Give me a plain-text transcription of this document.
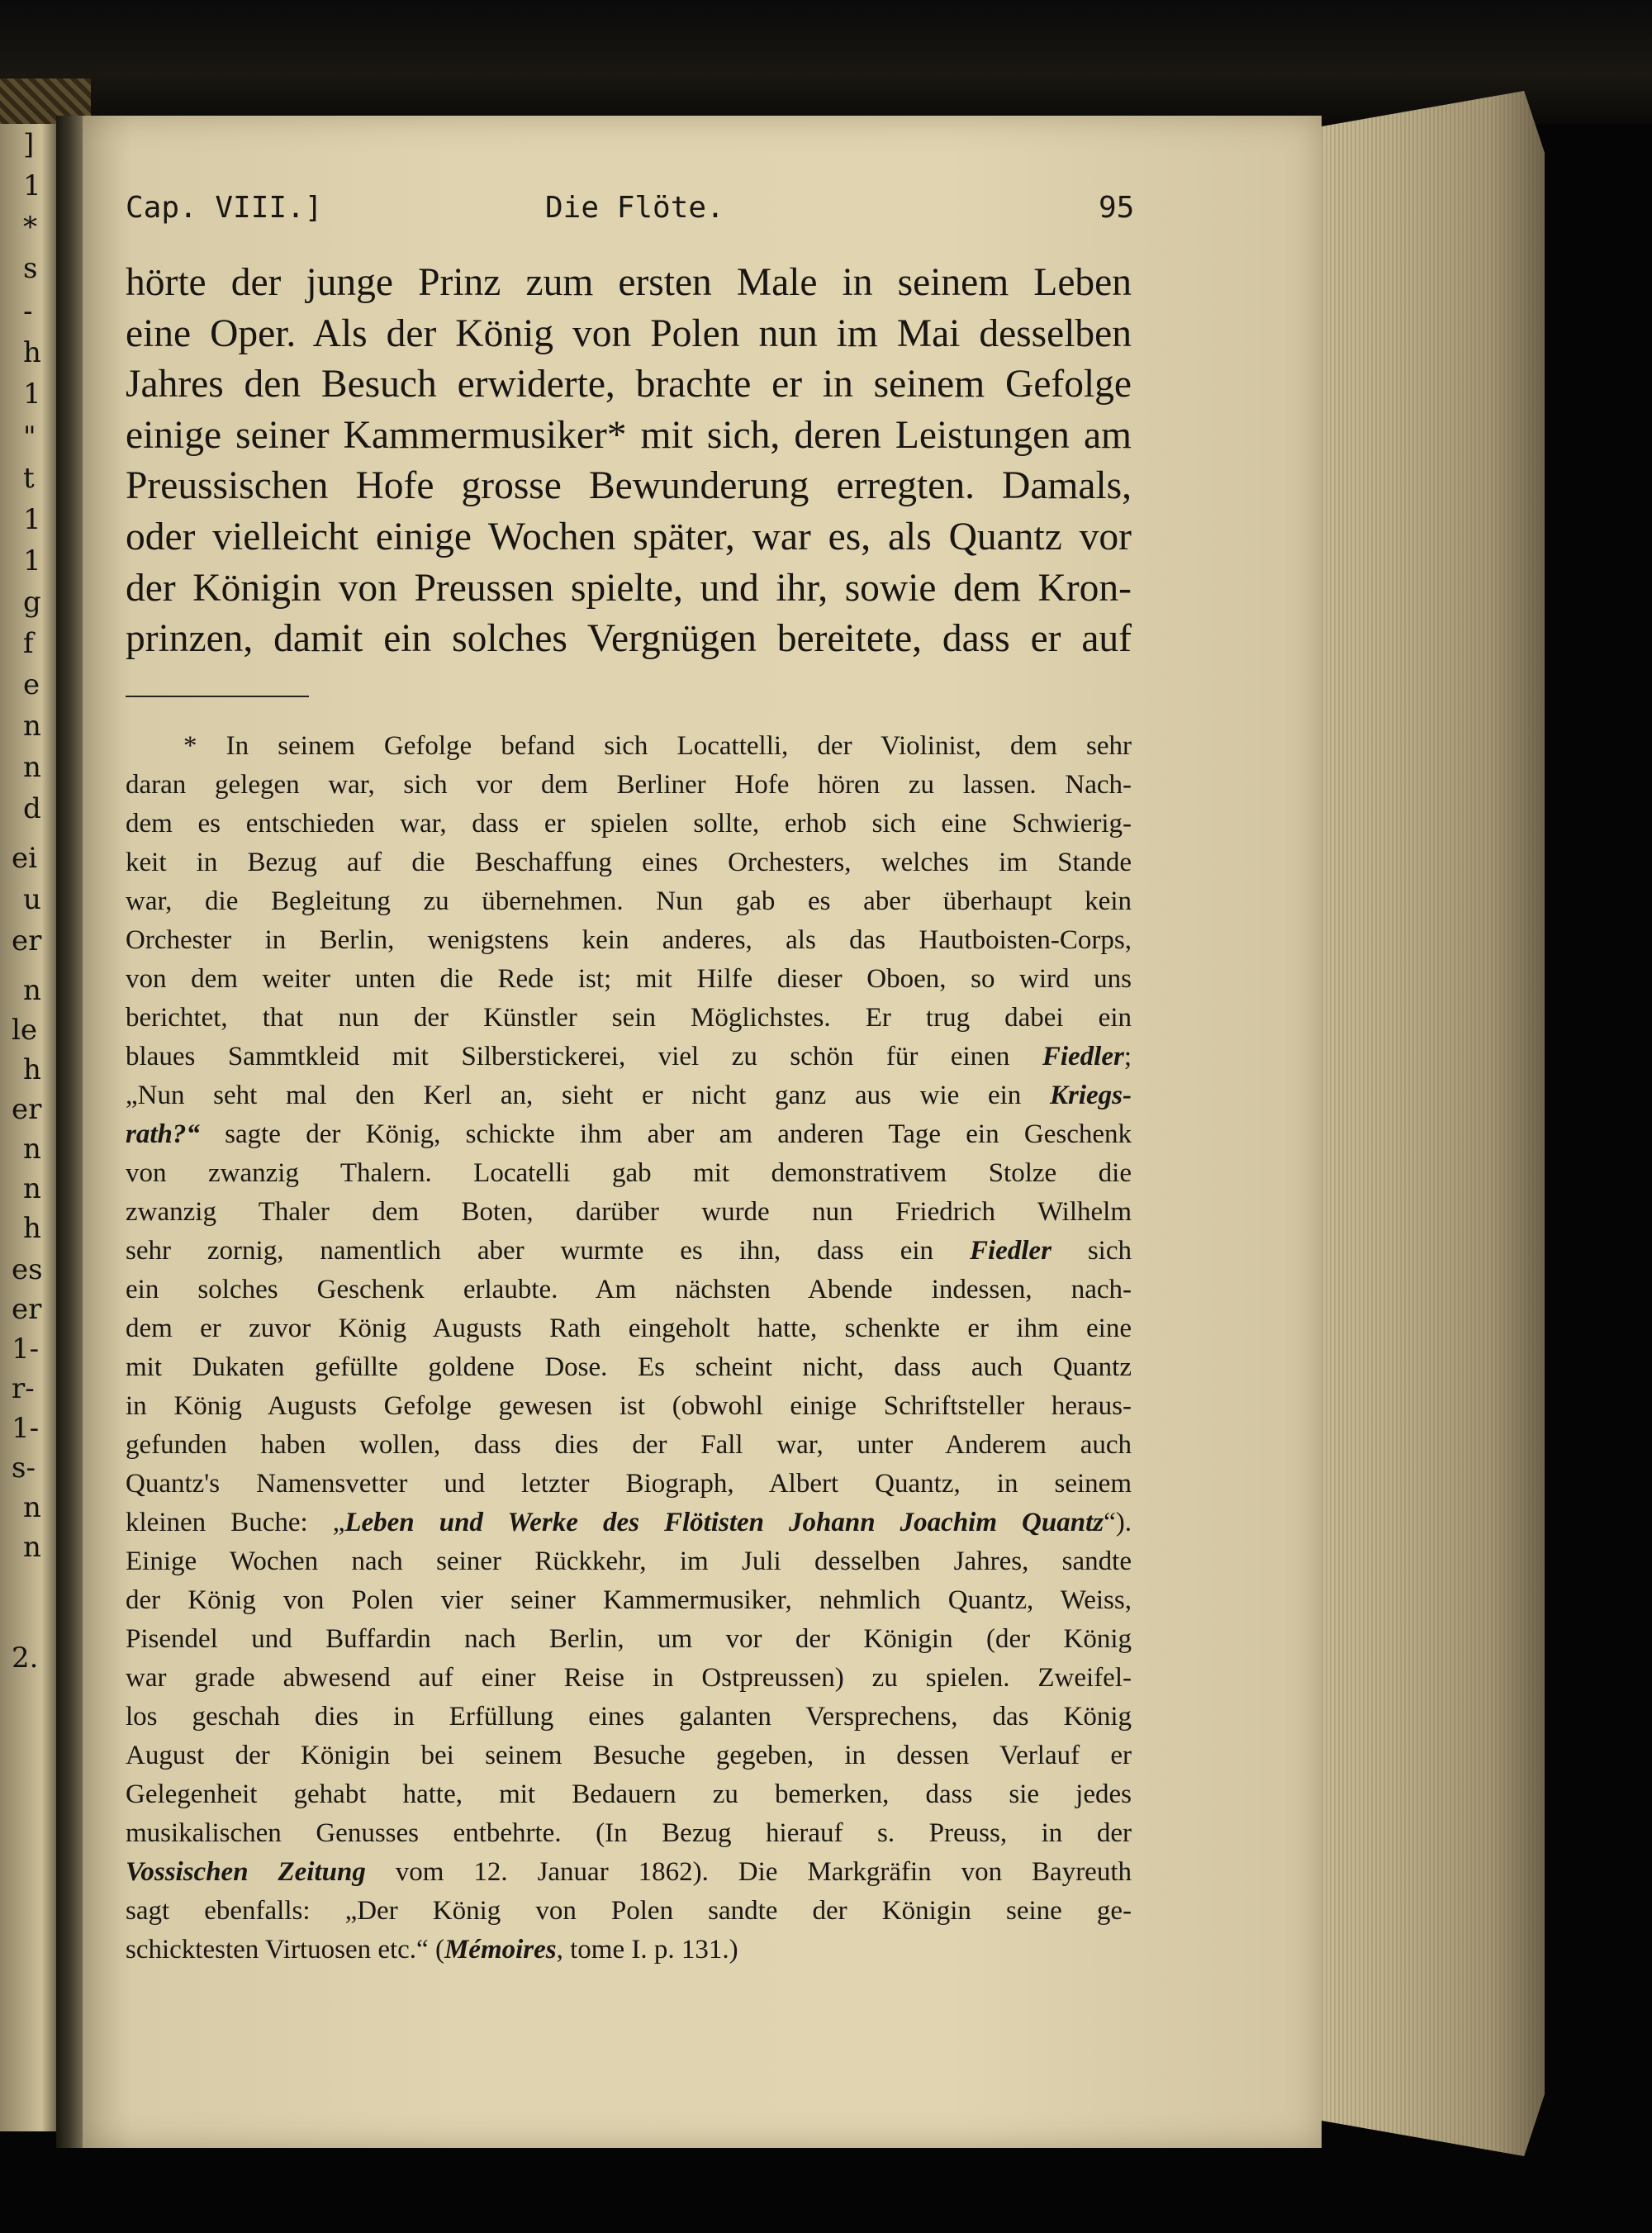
]
1
*
s
-
h
1
"
t
1
1
g
f
e
n
n
d
ei
u
er
n
le
h
er
n
n
h
es
er
1-
r-
1-
s-
n
n
2.
Cap. VIII.]	Die Flöte.	95
hörte der junge Prinz zum ersten Male in seinem Leben
eine Oper. Als der König von Polen nun im Mai desselben
Jahres den Besuch erwiderte, brachte er in seinem Gefolge
einige seiner Kammermusiker* mit sich, deren Leistungen am
Preussischen Hofe grosse Bewunderung erregten. Damals,
oder vielleicht einige Wochen später, war es, als Quantz vor
der Königin von Preussen spielte, und ihr, sowie dem Kron-
prinzen, damit ein solches Vergnügen bereitete, dass er auf
* In seinem Gefolge befand sich Locattelli, der Violinist, dem sehr
daran gelegen war, sich vor dem Berliner Hofe hören zu lassen. Nach-
dem es entschieden war, dass er spielen sollte, erhob sich eine Schwierig-
keit in Bezug auf die Beschaffung eines Orchesters, welches im Stande
war, die Begleitung zu übernehmen. Nun gab es aber überhaupt kein
Orchester in Berlin, wenigstens kein anderes, als das Hautboisten-Corps,
von dem weiter unten die Rede ist; mit Hilfe dieser Oboen, so wird uns
berichtet, that nun der Künstler sein Möglichstes. Er trug dabei ein
blaues Sammtkleid mit Silberstickerei, viel zu schön für einen Fiedler;
„Nun seht mal den Kerl an, sieht er nicht ganz aus wie ein Kriegs-
rath?“ sagte der König, schickte ihm aber am anderen Tage ein Geschenk
von zwanzig Thalern. Locatelli gab mit demonstrativem Stolze die
zwanzig Thaler dem Boten, darüber wurde nun Friedrich Wilhelm
sehr zornig, namentlich aber wurmte es ihn, dass ein Fiedler sich
ein solches Geschenk erlaubte. Am nächsten Abende indessen, nach-
dem er zuvor König Augusts Rath eingeholt hatte, schenkte er ihm eine
mit Dukaten gefüllte goldene Dose. Es scheint nicht, dass auch Quantz
in König Augusts Gefolge gewesen ist (obwohl einige Schriftsteller heraus-
gefunden haben wollen, dass dies der Fall war, unter Anderem auch
Quantz's Namensvetter und letzter Biograph, Albert Quantz, in seinem
kleinen Buche: „Leben und Werke des Flötisten Johann Joachim Quantz“).
Einige Wochen nach seiner Rückkehr, im Juli desselben Jahres, sandte
der König von Polen vier seiner Kammermusiker, nehmlich Quantz, Weiss,
Pisendel und Buffardin nach Berlin, um vor der Königin (der König
war grade abwesend auf einer Reise in Ostpreussen) zu spielen. Zweifel-
los geschah dies in Erfüllung eines galanten Versprechens, das König
August der Königin bei seinem Besuche gegeben, in dessen Verlauf er
Gelegenheit gehabt hatte, mit Bedauern zu bemerken, dass sie jedes
musikalischen Genusses entbehrte. (In Bezug hierauf s. Preuss, in der
Vossischen Zeitung vom 12. Januar 1862). Die Markgräfin von Bayreuth
sagt ebenfalls: „Der König von Polen sandte der Königin seine ge-
schicktesten Virtuosen etc.“ (Mémoires, tome I. p. 131.)
